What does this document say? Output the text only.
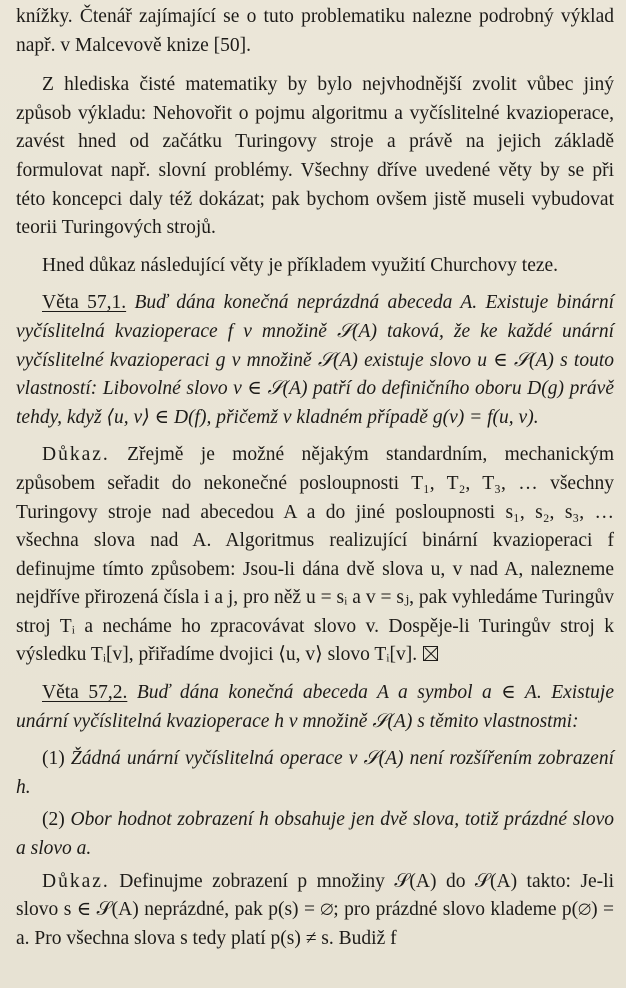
knížky. Čtenář zajímající se o tuto problematiku nalezne podrobný výklad např. v Malcevově knize [50].

Z hlediska čisté matematiky by bylo nejvhodnější zvolit vůbec jiný způsob výkladu: Nehovořit o pojmu algoritmu a vyčíslitelné kvazioperace, zavést hned od začátku Turingovy stroje a právě na jejich základě formulovat např. slovní problémy. Všechny dříve uvedené věty by se při této koncepci daly též dokázat; pak bychom ovšem jistě museli vybudovat teorii Turingových strojů.

Hned důkaz následující věty je příkladem využití Churchovy teze.

Věta 57,1. Buď dána konečná neprázdná abeceda A. Existuje binární vyčíslitelná kvazioperace f v množině 𝒮(A) taková, že ke každé unární vyčíslitelné kvazioperaci g v množině 𝒮(A) existuje slovo u ∈ 𝒮(A) s touto vlastností: Libovolné slovo v ∈ 𝒮(A) patří do definičního oboru D(g) právě tehdy, když ⟨u, v⟩ ∈ D(f), přičemž v kladném případě g(v) = f(u, v).

Důkaz. Zřejmě je možné nějakým standardním, mechanickým způsobem seřadit do nekonečné posloupnosti T₁, T₂, T₃, … všechny Turingovy stroje nad abecedou A a do jiné posloupnosti s₁, s₂, s₃, … všechna slova nad A. Algoritmus realizující binární kvazioperaci f definujme tímto způsobem: Jsou-li dána dvě slova u, v nad A, nalezneme nejdříve přirozená čísla i a j, pro něž u = sᵢ a v = sⱼ, pak vyhledáme Turingův stroj Tᵢ a necháme ho zpracovávat slovo v. Dospěje-li Turingův stroj k výsledku Tᵢ[v], přiřadíme dvojici ⟨u, v⟩ slovo Tᵢ[v].

Věta 57,2. Buď dána konečná abeceda A a symbol a ∈ A. Existuje unární vyčíslitelná kvazioperace h v množině 𝒮(A) s těmito vlastnostmi:

(1) Žádná unární vyčíslitelná operace v 𝒮(A) není rozšířením zobrazení h.

(2) Obor hodnot zobrazení h obsahuje jen dvě slova, totiž prázdné slovo a slovo a.

Důkaz. Definujme zobrazení p množiny 𝒮(A) do 𝒮(A) takto: Je-li slovo s ∈ 𝒮(A) neprázdné, pak p(s) = ∅; pro prázdné slovo klademe p(∅) = a. Pro všechna slova s tedy platí p(s) ≠ s. Budiž f
